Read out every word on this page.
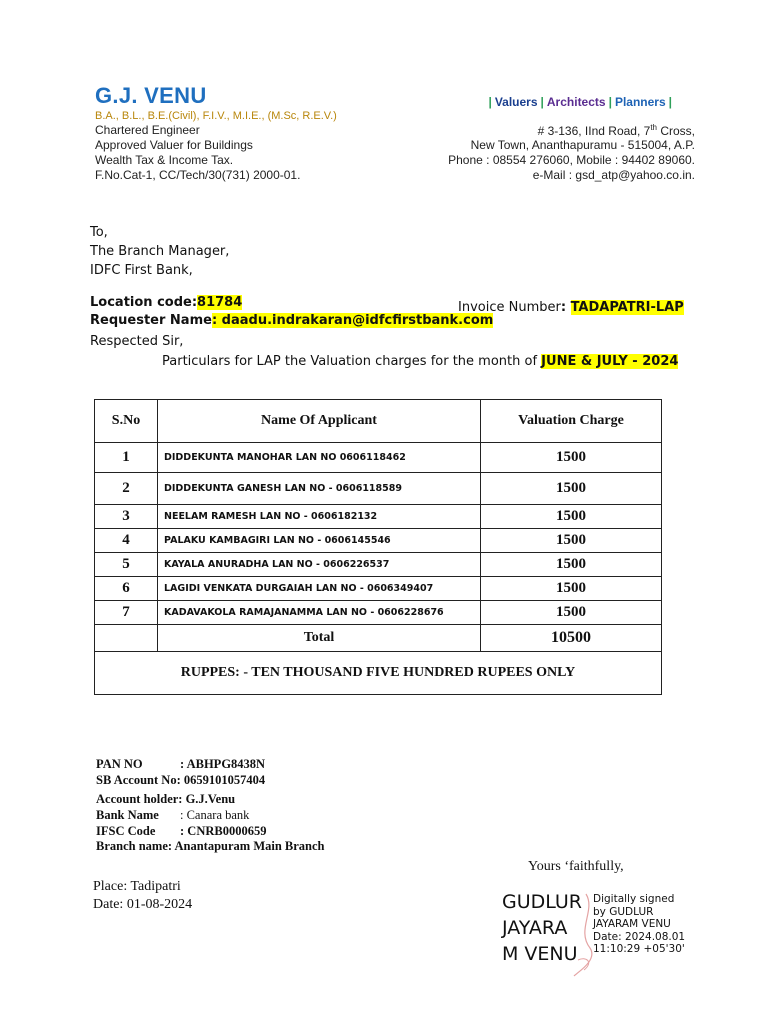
G.J. VENU
B.A., B.L., B.E.(Civil), F.I.V., M.I.E., (M.Sc, R.E.V.)
Chartered Engineer
Approved Valuer for Buildings
Wealth Tax & Income Tax.
F.No.Cat-1, CC/Tech/30(731) 2000-01.
| Valuers | Architects | Planners |
# 3-136, IInd Road, 7th Cross,
New Town, Ananthapuramu - 515004, A.P.
Phone : 08554 276060, Mobile : 94402 89060.
e-Mail : gsd_atp@yahoo.co.in.
To,
The Branch Manager,
IDFC First Bank,
Location code:81784
Requester Name: daadu.indrakaran@idfcfirstbank.com
Invoice Number: TADAPATRI-LAP
Respected Sir,
Particulars for LAP the Valuation charges for the month of JUNE & JULY - 2024
S.No	Name Of Applicant	Valuation Charge
1	DIDDEKUNTA MANOHAR LAN NO 0606118462	1500
2	DIDDEKUNTA GANESH LAN NO - 0606118589	1500
3	NEELAM RAMESH LAN NO - 0606182132	1500
4	PALAKU KAMBAGIRI LAN NO - 0606145546	1500
5	KAYALA ANURADHA LAN NO - 0606226537	1500
6	LAGIDI VENKATA DURGAIAH LAN NO - 0606349407	1500
7	KADAVAKOLA RAMAJANAMMA LAN NO - 0606228676	1500
	Total	10500
RUPPES: - TEN THOUSAND FIVE HUNDRED RUPEES ONLY		
PAN NO	: ABHPG8438N
SB Account No: 0659101057404
Account holder: G.J.Venu
Bank Name : Canara bank
IFSC Code : CNRB0000659
Branch name: Anantapuram Main Branch
Yours ‘faithfully,
Place: Tadipatri
Date: 01-08-2024	GUDLUR
JAYARA
M VENU
Digitally signed
by GUDLUR
JAYARAM VENU
Date: 2024.08.01
11:10:29 +05'30'
